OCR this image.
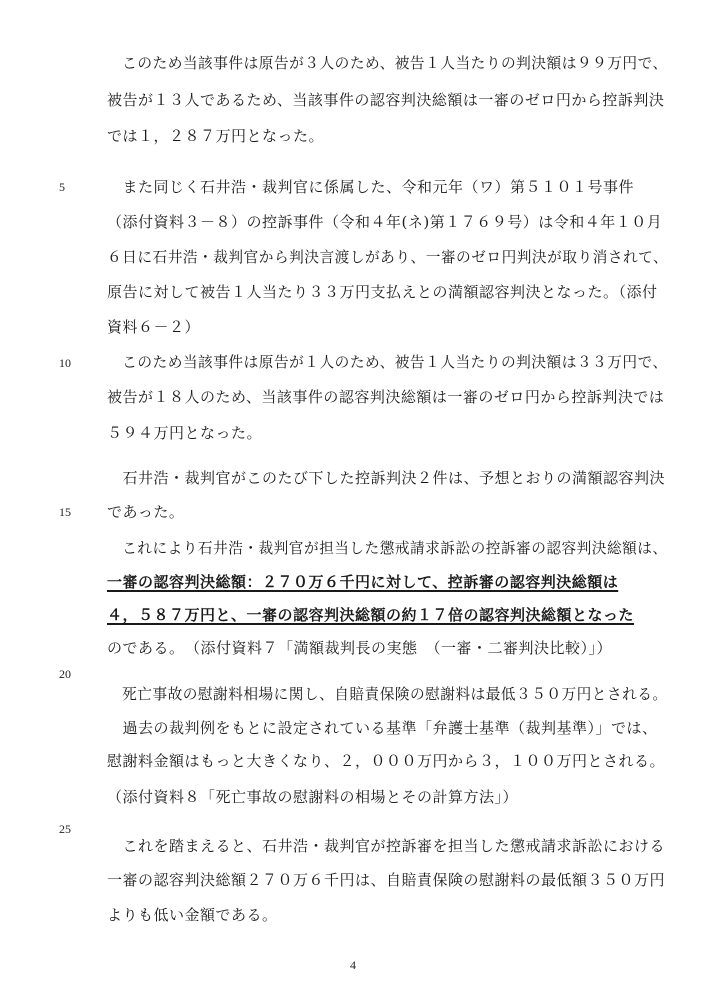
　このため当該事件は原告が３人のため、被告１人当たりの判決額は９９万円で、
被告が１３人であるため、当該事件の認容判決総額は一審のゼロ円から控訴判決
では１，２８７万円となった。
5	　また同じく石井浩・裁判官に係属した、令和元年（ワ）第５１０１号事件
（添付資料３－８）の控訴事件（令和４年(ネ)第１７６９号）は令和４年１０月
６日に石井浩・裁判官から判決言渡しがあり、一審のゼロ円判決が取り消されて、
原告に対して被告１人当たり３３万円支払えとの満額認容判決となった。（添付
資料６－２）
10 　このため当該事件は原告が１人のため、被告１人当たりの判決額は３３万円で、
被告が１８人のため、当該事件の認容判決総額は一審のゼロ円から控訴判決では
５９４万円となった。
　石井浩・裁判官がこのたび下した控訴判決２件は、予想とおりの満額認容判決
15 であった。
　これにより石井浩・裁判官が担当した懲戒請求訴訟の控訴審の認容判決総額は、
一審の認容判決総額：２７０万６千円に対して、控訴審の認容判決総額は
４，５８７万円と、一審の認容判決総額の約１７倍の認容判決総額となった
のである。　（添付資料７「満額裁判長の実態　（一審・二審判決比較）」）
20
　死亡事故の慰謝料相場に関し、自賠責保険の慰謝料は最低３５０万円とされる。
　過去の裁判例をもとに設定されている基準「弁護士基準（裁判基準）」では、
慰謝料金額はもっと大きくなり、２，０００万円から３，１００万円とされる。
（添付資料８「死亡事故の慰謝料の相場とその計算方法」）
25
　これを踏まえると、石井浩・裁判官が控訴審を担当した懲戒請求訴訟における
一審の認容判決総額２７０万６千円は、自賠責保険の慰謝料の最低額３５０万円
よりも低い金額である。
4
